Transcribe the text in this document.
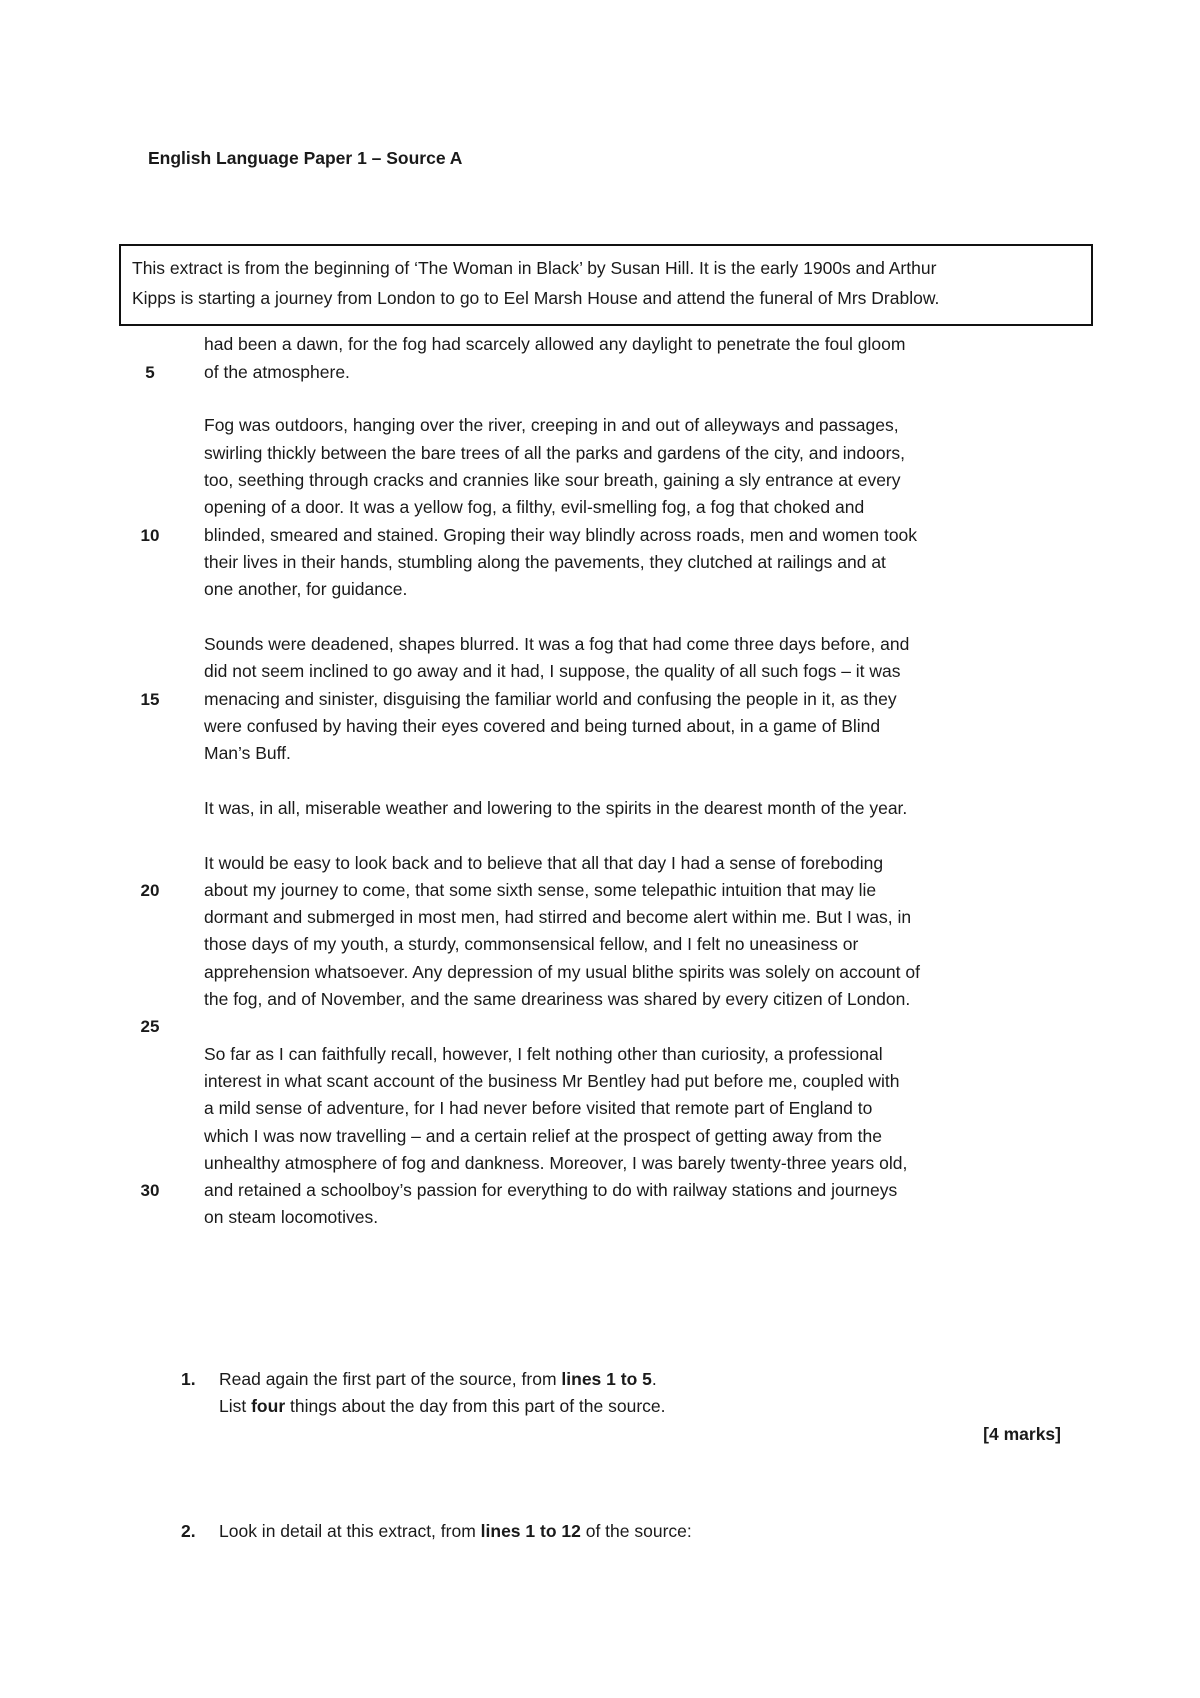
English Language Paper 1 – Source A
This extract is from the beginning of ‘The Woman in Black’ by Susan Hill. It is the early 1900s and Arthur
Kipps is starting a journey from London to go to Eel Marsh House and attend the funeral of Mrs Drablow.
had been a dawn, for the fog had scarcely allowed any daylight to penetrate the foul gloom
of the atmosphere.
Fog was outdoors, hanging over the river, creeping in and out of alleyways and passages,
swirling thickly between the bare trees of all the parks and gardens of the city, and indoors,
too, seething through cracks and crannies like sour breath, gaining a sly entrance at every
opening of a door. It was a yellow fog, a filthy, evil-smelling fog, a fog that choked and
blinded, smeared and stained. Groping their way blindly across roads, men and women took
their lives in their hands, stumbling along the pavements, they clutched at railings and at
one another, for guidance.
Sounds were deadened, shapes blurred. It was a fog that had come three days before, and
did not seem inclined to go away and it had, I suppose, the quality of all such fogs – it was
menacing and sinister, disguising the familiar world and confusing the people in it, as they
were confused by having their eyes covered and being turned about, in a game of Blind
Man’s Buff.
It was, in all, miserable weather and lowering to the spirits in the dearest month of the year.
It would be easy to look back and to believe that all that day I had a sense of foreboding
about my journey to come, that some sixth sense, some telepathic intuition that may lie
dormant and submerged in most men, had stirred and become alert within me. But I was, in
those days of my youth, a sturdy, commonsensical fellow, and I felt no uneasiness or
apprehension whatsoever. Any depression of my usual blithe spirits was solely on account of
the fog, and of November, and the same dreariness was shared by every citizen of London.
So far as I can faithfully recall, however, I felt nothing other than curiosity, a professional
interest in what scant account of the business Mr Bentley had put before me, coupled with
a mild sense of adventure, for I had never before visited that remote part of England to
which I was now travelling – and a certain relief at the prospect of getting away from the
unhealthy atmosphere of fog and dankness. Moreover, I was barely twenty-three years old,
and retained a schoolboy’s passion for everything to do with railway stations and journeys
on steam locomotives.
5
10
15
20
25
30
1. Read again the first part of the source, from lines 1 to 5.
List four things about the day from this part of the source.
[4 marks]
2. Look in detail at this extract, from lines 1 to 12 of the source:
